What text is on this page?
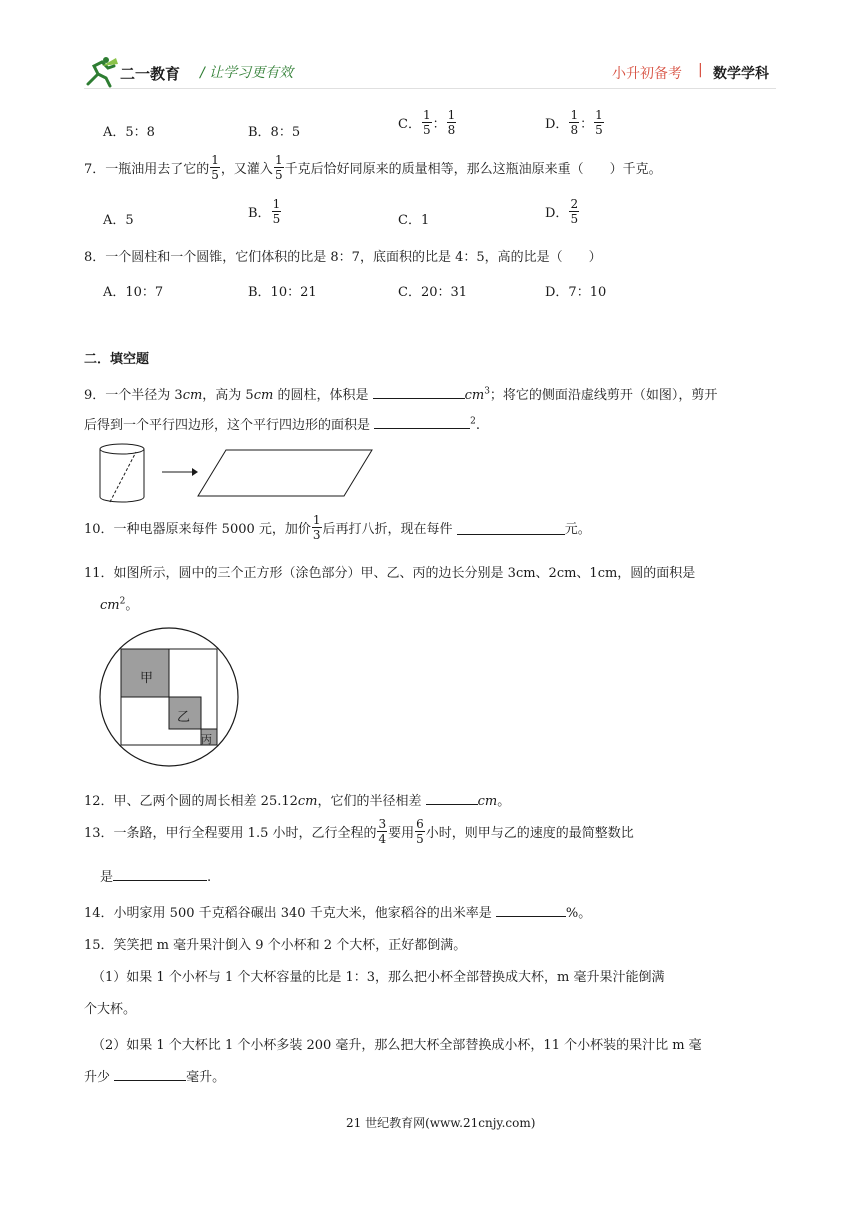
二一教育 / 让学习更有效	小升初备考 | 数学学科
A．5：8	B．8：5
C． $\frac{1}{5}$ ： $\frac{1}{8}$	D． $\frac{1}{8}$ ： $\frac{1}{5}$
7．一瓶油用去了它的 $\frac{1}{5}$ ，又灌入 $\frac{1}{5}$ 千克后恰好同原来的质量相等，那么这瓶油原来重（　　）千克。
A．5	B． $\frac{1}{5}$	C．1	D． $\frac{2}{5}$
8．一个圆柱和一个圆锥，它们体积的比是 8：7，底面积的比是 4：5，高的比是（　　）
A．10：7	B．10：21	C．20：31	D．7：10
二．填空题
9．一个半径为 3cm，高为 5cm 的圆柱，体积是	$cm^3$；将它的侧面沿虚线剪开（如图），剪开
后得到一个平行四边形，这个平行四边形的面积是	$^2$.
10．一种电器原来每件 5000 元，加价 $\frac{1}{3}$ 后再打八折，现在每件	元。
11．如图所示，圆中的三个正方形（涂色部分）甲、乙、丙的边长分别是 3cm、2cm、1cm，圆的面积是
$cm^2$。
甲
乙
丙
12．甲、乙两个圆的周长相差 25.12cm，它们的半径相差	cm。
13．一条路，甲行全程要用 1.5 小时，乙行全程的 $\frac{3}{4}$ 要用 $\frac{6}{5}$ 小时，则甲与乙的速度的最简整数比
是	.
14．小明家用 500 千克稻谷碾出 340 千克大米，他家稻谷的出米率是	%。
15．笑笑把 m 毫升果汁倒入 9 个小杯和 2 个大杯，正好都倒满。
（1）如果 1 个小杯与 1 个大杯容量的比是 1：3，那么把小杯全部替换成大杯，m 毫升果汁能倒满
个大杯。
（2）如果 1 个大杯比 1 个小杯多装 200 毫升，那么把大杯全部替换成小杯，11 个小杯装的果汁比 m 毫
升少	毫升。
21 世纪教育网(www.21cnjy.com)
